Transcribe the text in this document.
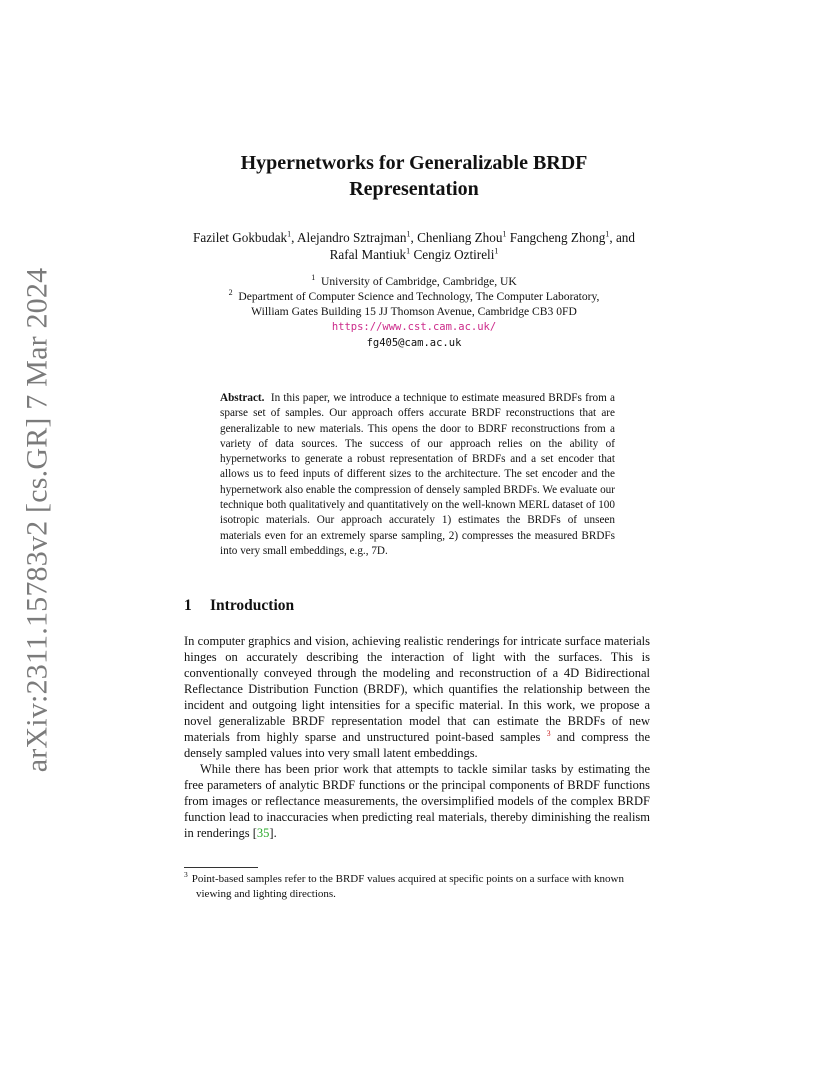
arXiv:2311.15783v2 [cs.GR] 7 Mar 2024
Hypernetworks for Generalizable BRDF
Representation
Fazilet Gokbudak$^1$, Alejandro Sztrajman$^1$, Chenliang Zhou$^1$ Fangcheng Zhong$^1$, and Rafal Mantiuk$^1$ Cengiz Oztireli$^1$
$^1$ University of Cambridge, Cambridge, UK
$^2$ Department of Computer Science and Technology, The Computer Laboratory,
William Gates Building 15 JJ Thomson Avenue, Cambridge CB3 0FD
https://www.cst.cam.ac.uk/
fg405@cam.ac.uk
Abstract. In this paper, we introduce a technique to estimate measured BRDFs from a sparse set of samples. Our approach offers accurate BRDF reconstructions that are generalizable to new materials. This opens the door to BDRF reconstructions from a variety of data sources. The success of our approach relies on the ability of hypernetworks to generate a robust representation of BRDFs and a set encoder that allows us to feed inputs of different sizes to the architecture. The set encoder and the hypernetwork also enable the compression of densely sampled BRDFs. We evaluate our technique both qualitatively and quantitatively on the well-known MERL dataset of 100 isotropic materials. Our approach accurately 1) estimates the BRDFs of unseen materials even for an extremely sparse sampling, 2) compresses the measured BRDFs into very small embeddings, e.g., 7D.
1 Introduction

In computer graphics and vision, achieving realistic renderings for intricate surface materials hinges on accurately describing the interaction of light with the surfaces. This is conventionally conveyed through the modeling and reconstruction of a 4D Bidirectional Reflectance Distribution Function (BRDF), which quantifies the relationship between the incident and outgoing light intensities for a specific material. In this work, we propose a novel generalizable BRDF representation model that can estimate the BRDFs of new materials from highly sparse and unstructured point-based samples $^3$ and compress the densely sampled values into very small latent embeddings.

While there has been prior work that attempts to tackle similar tasks by estimating the free parameters of analytic BRDF functions or the principal components of BRDF functions from images or reflectance measurements, the oversimplified models of the complex BRDF function lead to inaccuracies when predicting real materials, thereby diminishing the realism in renderings [35].

$^3$ Point-based samples refer to the BRDF values acquired at specific points on a surface with known viewing and lighting directions.
